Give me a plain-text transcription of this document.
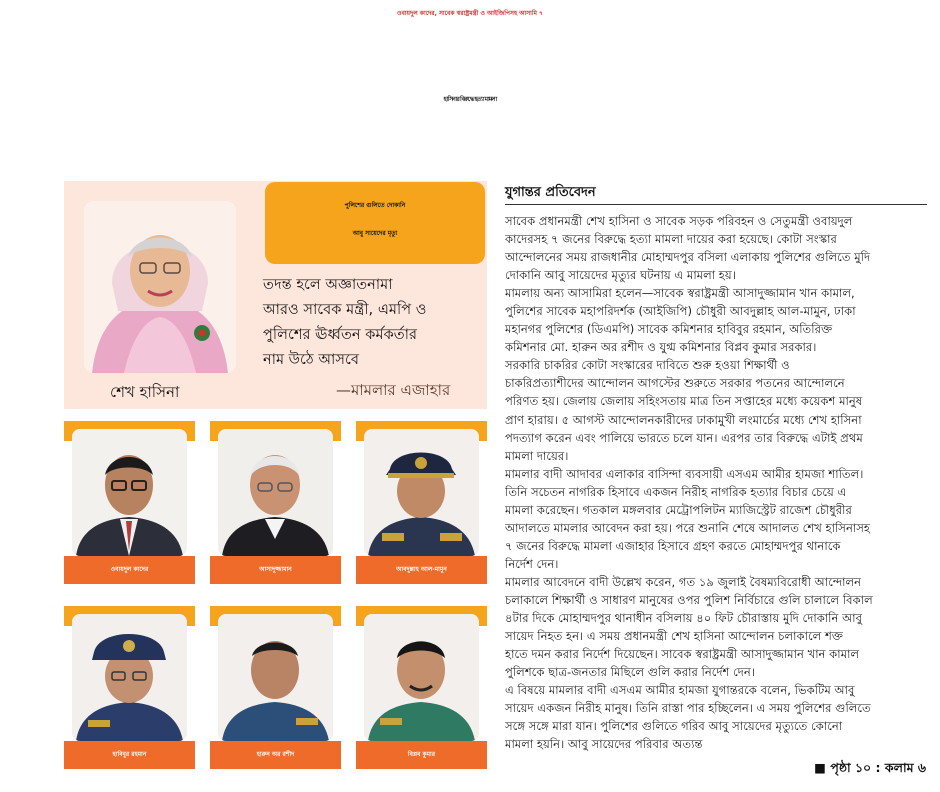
ওবায়দুল কাদের, সাবেক স্বরাষ্ট্রমন্ত্রী ও আইজিপিসহ আসামি ৭
হাসিনার বিরুদ্ধে হত্যা মামলা
শেখ হাসিনা
পুলিশের গুলিতে দোকানি
আবু সায়েদের মৃত্যু
তদন্ত হলে অজ্ঞাতনামা
আরও সাবেক মন্ত্রী, এমপি ও
পুলিশের ঊর্ধ্বতন কর্মকর্তার
নাম উঠে আসবে
—মামলার এজাহার
ওবায়দুল কাদের	আসাদুজ্জামান	আবদুল্লাহ আল-মামুন
হাবিবুর রহমান	হারুন অর রশীদ	বিপ্লব কুমার
যুগান্তর প্রতিবেদন
সাবেক প্রধানমন্ত্রী শেখ হাসিনা ও সাবেক সড়ক পরিবহন ও সেতুমন্ত্রী ওবায়দুল
কাদেরসহ ৭ জনের বিরুদ্ধে হত্যা মামলা দায়ের করা হয়েছে। কোটা সংস্কার
আন্দোলনের সময় রাজধানীর মোহাম্মদপুর বসিলা এলাকায় পুলিশের গুলিতে মুদি
দোকানি আবু সায়েদের মৃত্যুর ঘটনায় এ মামলা হয়।
মামলায় অন্য আসামিরা হলেন—সাবেক স্বরাষ্ট্রমন্ত্রী আসাদুজ্জামান খান কামাল,
পুলিশের সাবেক মহাপরিদর্শক (আইজিপি) চৌধুরী আবদুল্লাহ আল-মামুন, ঢাকা
মহানগর পুলিশের (ডিএমপি) সাবেক কমিশনার হাবিবুর রহমান, অতিরিক্ত
কমিশনার মো. হারুন অর রশীদ ও যুগ্ম কমিশনার বিপ্লব কুমার সরকার।
সরকারি চাকরির কোটা সংস্কারের দাবিতে শুরু হওয়া শিক্ষার্থী ও
চাকরিপ্রত্যাশীদের আন্দোলন আগস্টের শুরুতে সরকার পতনের আন্দোলনে
পরিণত হয়। জেলায় জেলায় সহিংসতায় মাত্র তিন সপ্তাহের মধ্যে কয়েকশ মানুষ
প্রাণ হারায়। ৫ আগস্ট আন্দোলনকারীদের ঢাকামুখী লংমার্চের মধ্যে শেখ হাসিনা
পদত্যাগ করেন এবং পালিয়ে ভারতে চলে যান। এরপর তার বিরুদ্ধে এটাই প্রথম
মামলা দায়ের।
মামলার বাদী আদাবর এলাকার বাসিন্দা ব্যবসায়ী এসএম আমীর হামজা শাতিল।
তিনি সচেতন নাগরিক হিসাবে একজন নিরীহ নাগরিক হত্যার বিচার চেয়ে এ
মামলা করেছেন। গতকাল মঙ্গলবার মেট্রোপলিটন ম্যাজিস্ট্রেট রাজেশ চৌধুরীর
আদালতে মামলার আবেদন করা হয়। পরে শুনানি শেষে আদালত শেখ হাসিনাসহ
৭ জনের বিরুদ্ধে মামলা এজাহার হিসাবে গ্রহণ করতে মোহাম্মদপুর থানাকে
নির্দেশ দেন।
মামলার আবেদনে বাদী উল্লেখ করেন, গত ১৯ জুলাই বৈষম্যবিরোধী আন্দোলন
চলাকালে শিক্ষার্থী ও সাধারণ মানুষের ওপর পুলিশ নির্বিচারে গুলি চালালে বিকাল
৪টার দিকে মোহাম্মদপুর থানাধীন বসিলায় ৪০ ফিট চৌরাস্তায় মুদি দোকানি আবু
সায়েদ নিহত হন। এ সময় প্রধানমন্ত্রী শেখ হাসিনা আন্দোলন চলাকালে শক্ত
হাতে দমন করার নির্দেশ দিয়েছেন। সাবেক স্বরাষ্ট্রমন্ত্রী আসাদুজ্জামান খান কামাল
পুলিশকে ছাত্র-জনতার মিছিলে গুলি করার নির্দেশ দেন।
এ বিষয়ে মামলার বাদী এসএম আমীর হামজা যুগান্তরকে বলেন, ভিকটিম আবু
সায়েদ একজন নিরীহ মানুষ। তিনি রাস্তা পার হচ্ছিলেন। এ সময় পুলিশের গুলিতে
সঙ্গে সঙ্গে মারা যান। পুলিশের গুলিতে গরিব আবু সায়েদের মৃত্যুতে কোনো
মামলা হয়নি। আবু সায়েদের পরিবার অত্যন্ত
■ পৃষ্ঠা ১০ : কলাম ৬
